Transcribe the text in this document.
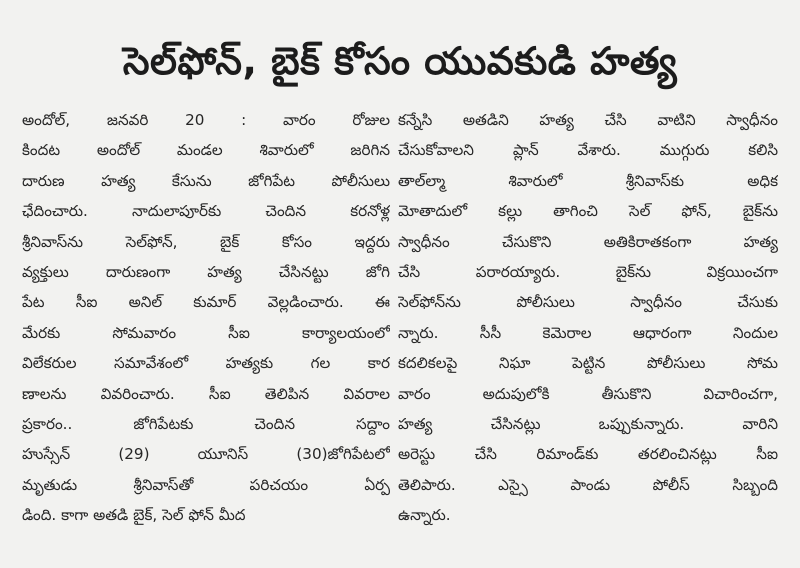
సెల్‌ఫోన్, బైక్ కోసం యువకుడి హత్య
అందోల్, జనవరి 20 : వారం రోజుల
కిందట అందోల్ మండల శివారులో జరిగిన
దారుణ హత్య కేసును జోగిపేట పోలీసులు
ఛేదించారు. నాదులాపూర్‌కు చెందిన కరనోళ్ల
శ్రీనివాస్‌ను సెల్‌ఫోన్, బైక్ కోసం ఇద్దరు
వ్యక్తులు దారుణంగా హత్య చేసినట్టు జోగి
పేట సీఐ అనిల్ కుమార్ వెల్లడించారు. ఈ
మేరకు సోమవారం సీఐ కార్యాలయంలో
విలేకరుల సమావేశంలో హత్యకు గల కార
ణాలను వివరించారు. సీఐ తెలిపిన వివరాల
ప్రకారం.. జోగిపేటకు చెందిన సద్దాం
హుస్సేన్ (29) యూనిస్ (30)జోగిపేటలో
మృతుడు శ్రీనివాస్‌తో పరిచయం ఏర్ప
డింది. కాగా అతడి బైక్, సెల్ ఫోన్ మీద
కన్నేసి అతడిని హత్య చేసి వాటిని స్వాధీనం
చేసుకోవాలని ప్లాన్ వేశారు. ముగ్గురు కలిసి
తాల్‌ల్మా శివారులో శ్రీనివాస్‌కు అధిక
మోతాదులో కల్లు తాగించి సెల్ ఫోన్, బైక్‌ను
స్వాధీనం చేసుకొని అతికిరాతకంగా హత్య
చేసి పరారయ్యారు. బైక్‌ను విక్రయించగా
సెల్‌ఫోన్‌ను పోలీసులు స్వాధీనం చేసుకు
న్నారు. సీసీ కెమెరాల ఆధారంగా నిందుల
కదలికలపై నిఘా పెట్టిన పోలీసులు సోమ
వారం అదుపులోకి తీసుకొని విచారించగా,
హత్య చేసినట్లు ఒప్పుకున్నారు. వారిని
అరెస్టు చేసి రిమాండ్‌కు తరలించినట్లు సీఐ
తెలిపారు. ఎస్సై పాండు పోలీస్ సిబ్బంది
ఉన్నారు.
